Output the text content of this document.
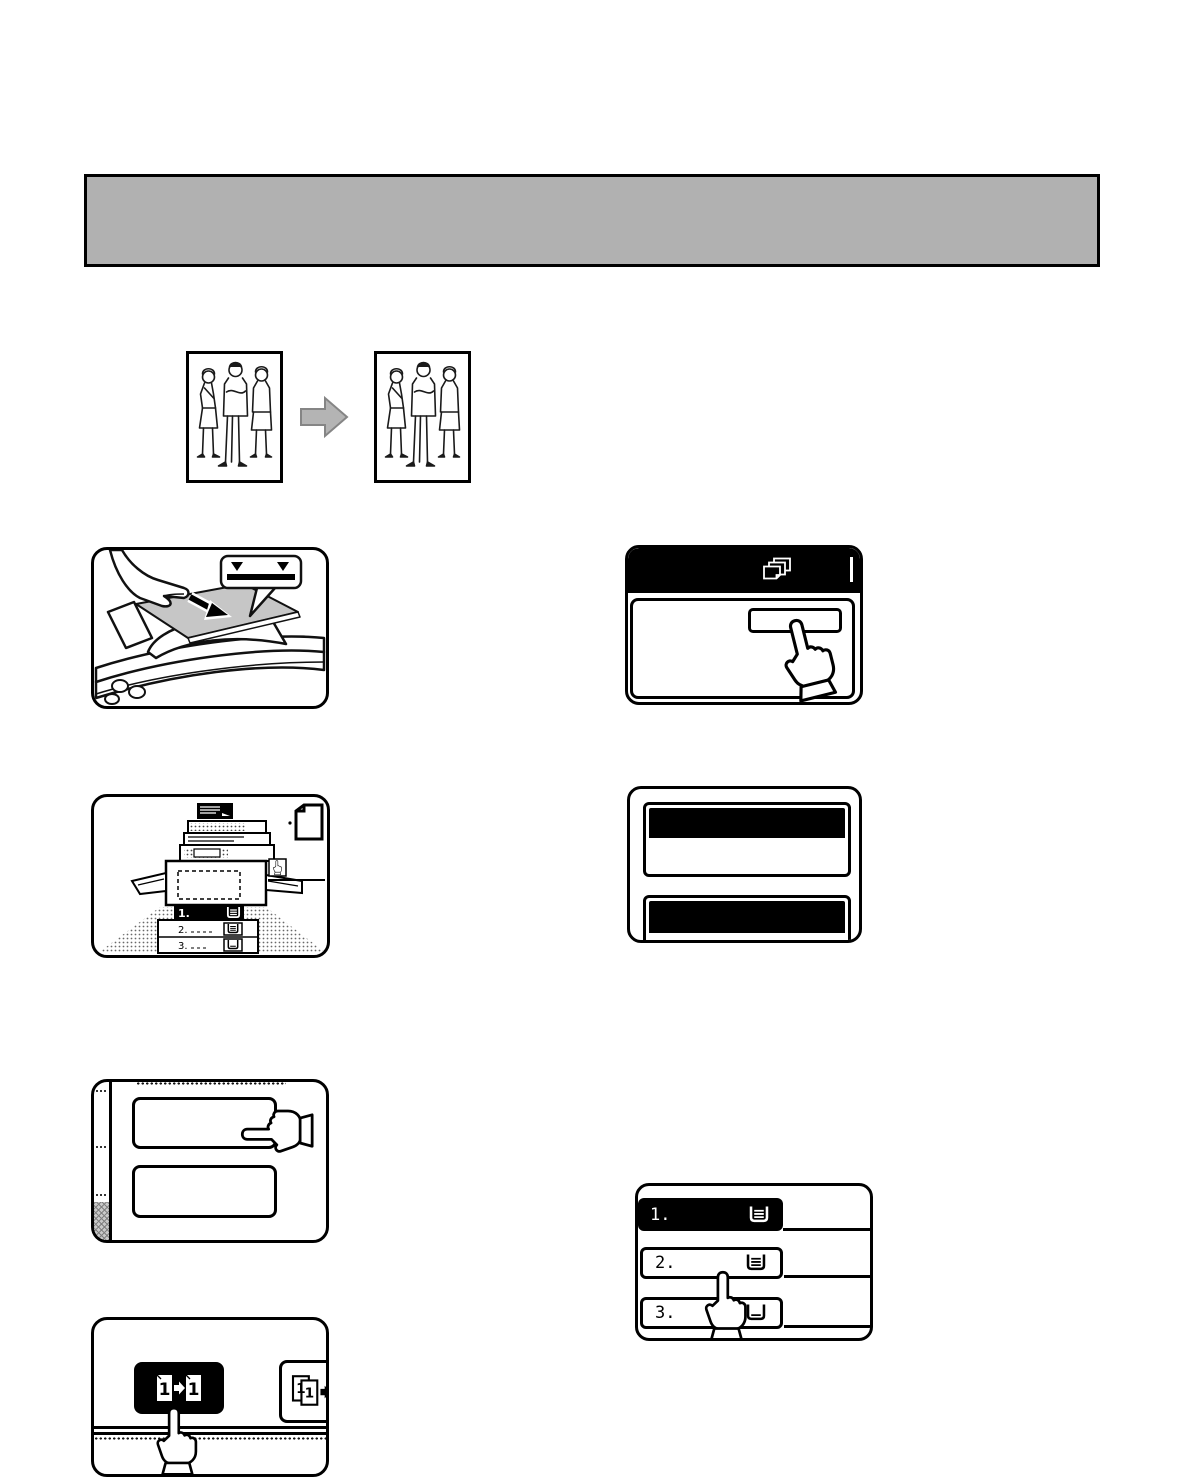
1.
2.
3.
1.
2.
3.
1 1	1
1
